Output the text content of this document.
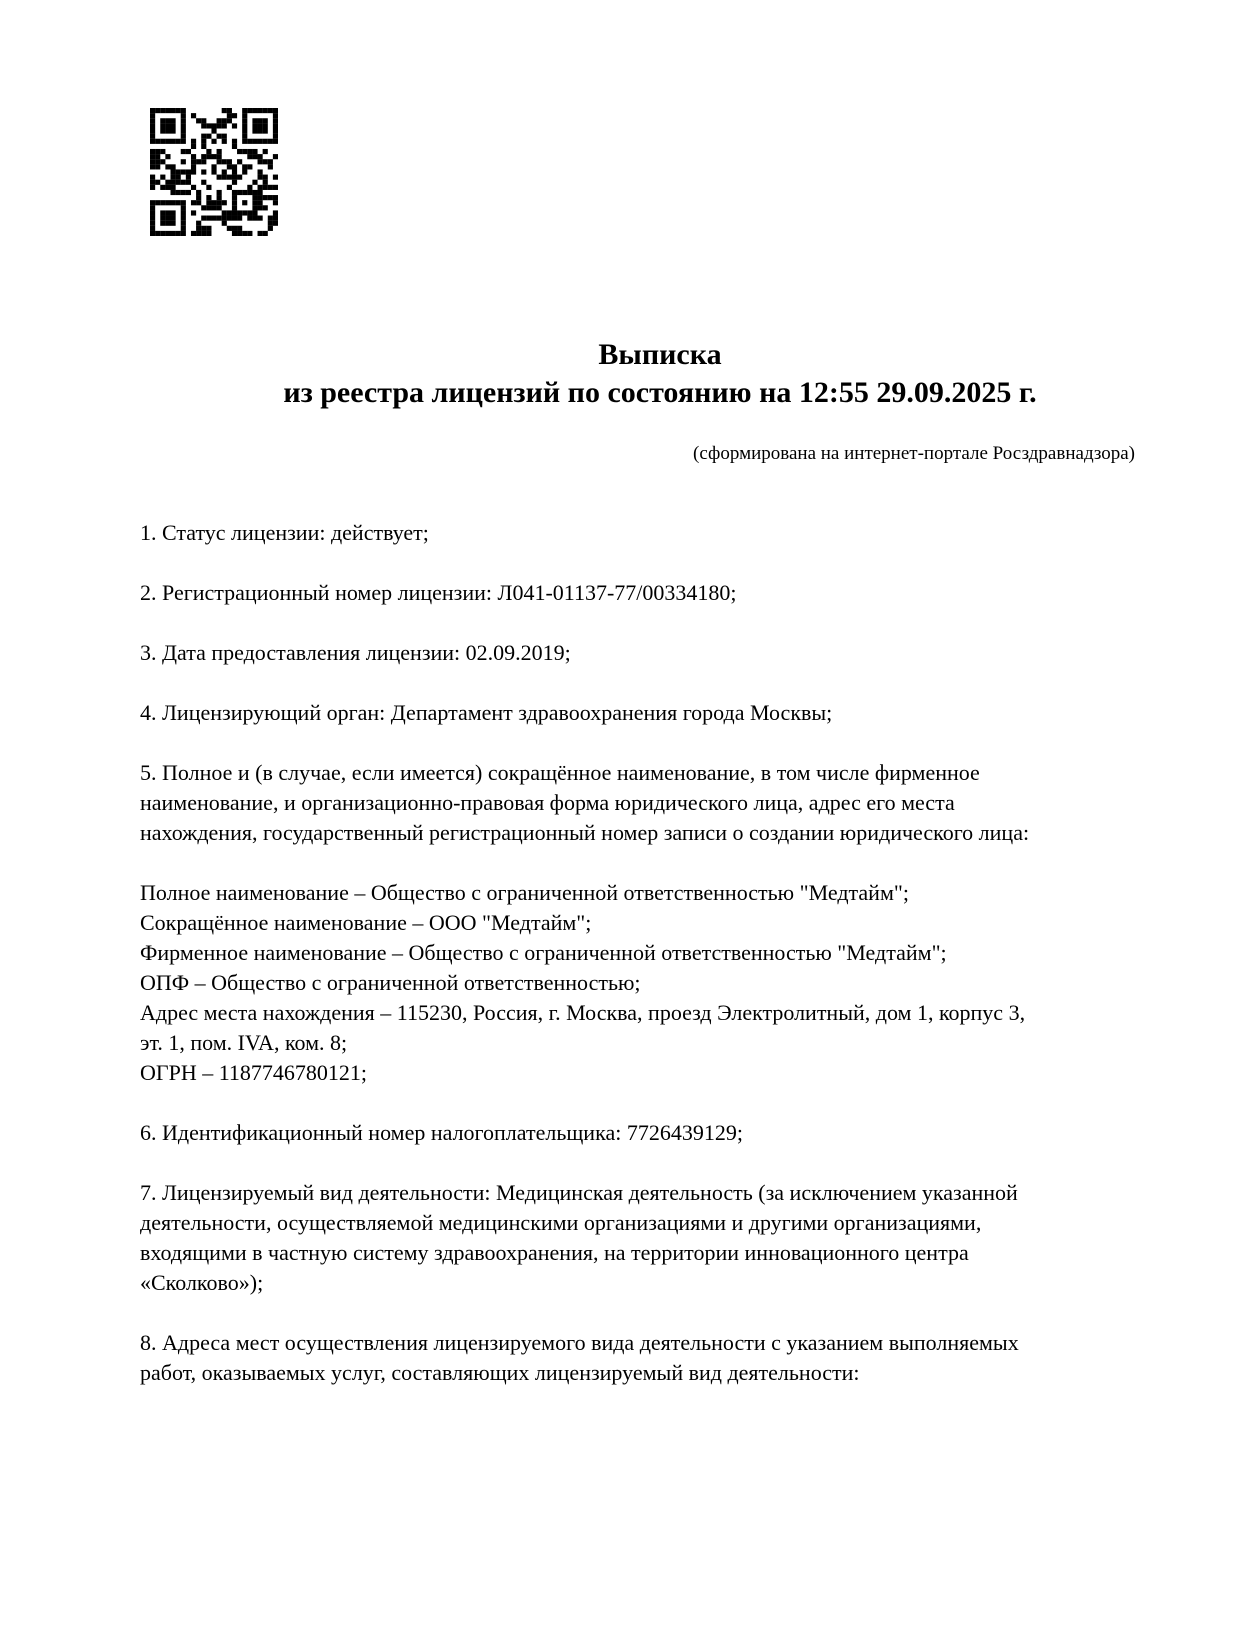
Выписка
из реестра лицензий по состоянию на 12:55 29.09.2025 г.
(сформирована на интернет-портале Росздравнадзора)
1. Статус лицензии: действует;
2. Регистрационный номер лицензии: Л041-01137-77/00334180;
3. Дата предоставления лицензии: 02.09.2019;
4. Лицензирующий орган: Департамент здравоохранения города Москвы;
5. Полное и (в случае, если имеется) сокращённое наименование, в том числе фирменное
наименование, и организационно-правовая форма юридического лица, адрес его места
нахождения, государственный регистрационный номер записи о создании юридического лица:
Полное наименование – Общество с ограниченной ответственностью "Медтайм";
Сокращённое наименование – ООО "Медтайм";
Фирменное наименование – Общество с ограниченной ответственностью "Медтайм";
ОПФ – Общество с ограниченной ответственностью;
Адрес места нахождения – 115230, Россия, г. Москва, проезд Электролитный, дом 1, корпус 3,
эт. 1, пом. IVA, ком. 8;
ОГРН – 1187746780121;
6. Идентификационный номер налогоплательщика: 7726439129;
7. Лицензируемый вид деятельности: Медицинская деятельность (за исключением указанной
деятельности, осуществляемой медицинскими организациями и другими организациями,
входящими в частную систему здравоохранения, на территории инновационного центра
«Сколково»);
8. Адреса мест осуществления лицензируемого вида деятельности с указанием выполняемых
работ, оказываемых услуг, составляющих лицензируемый вид деятельности:
